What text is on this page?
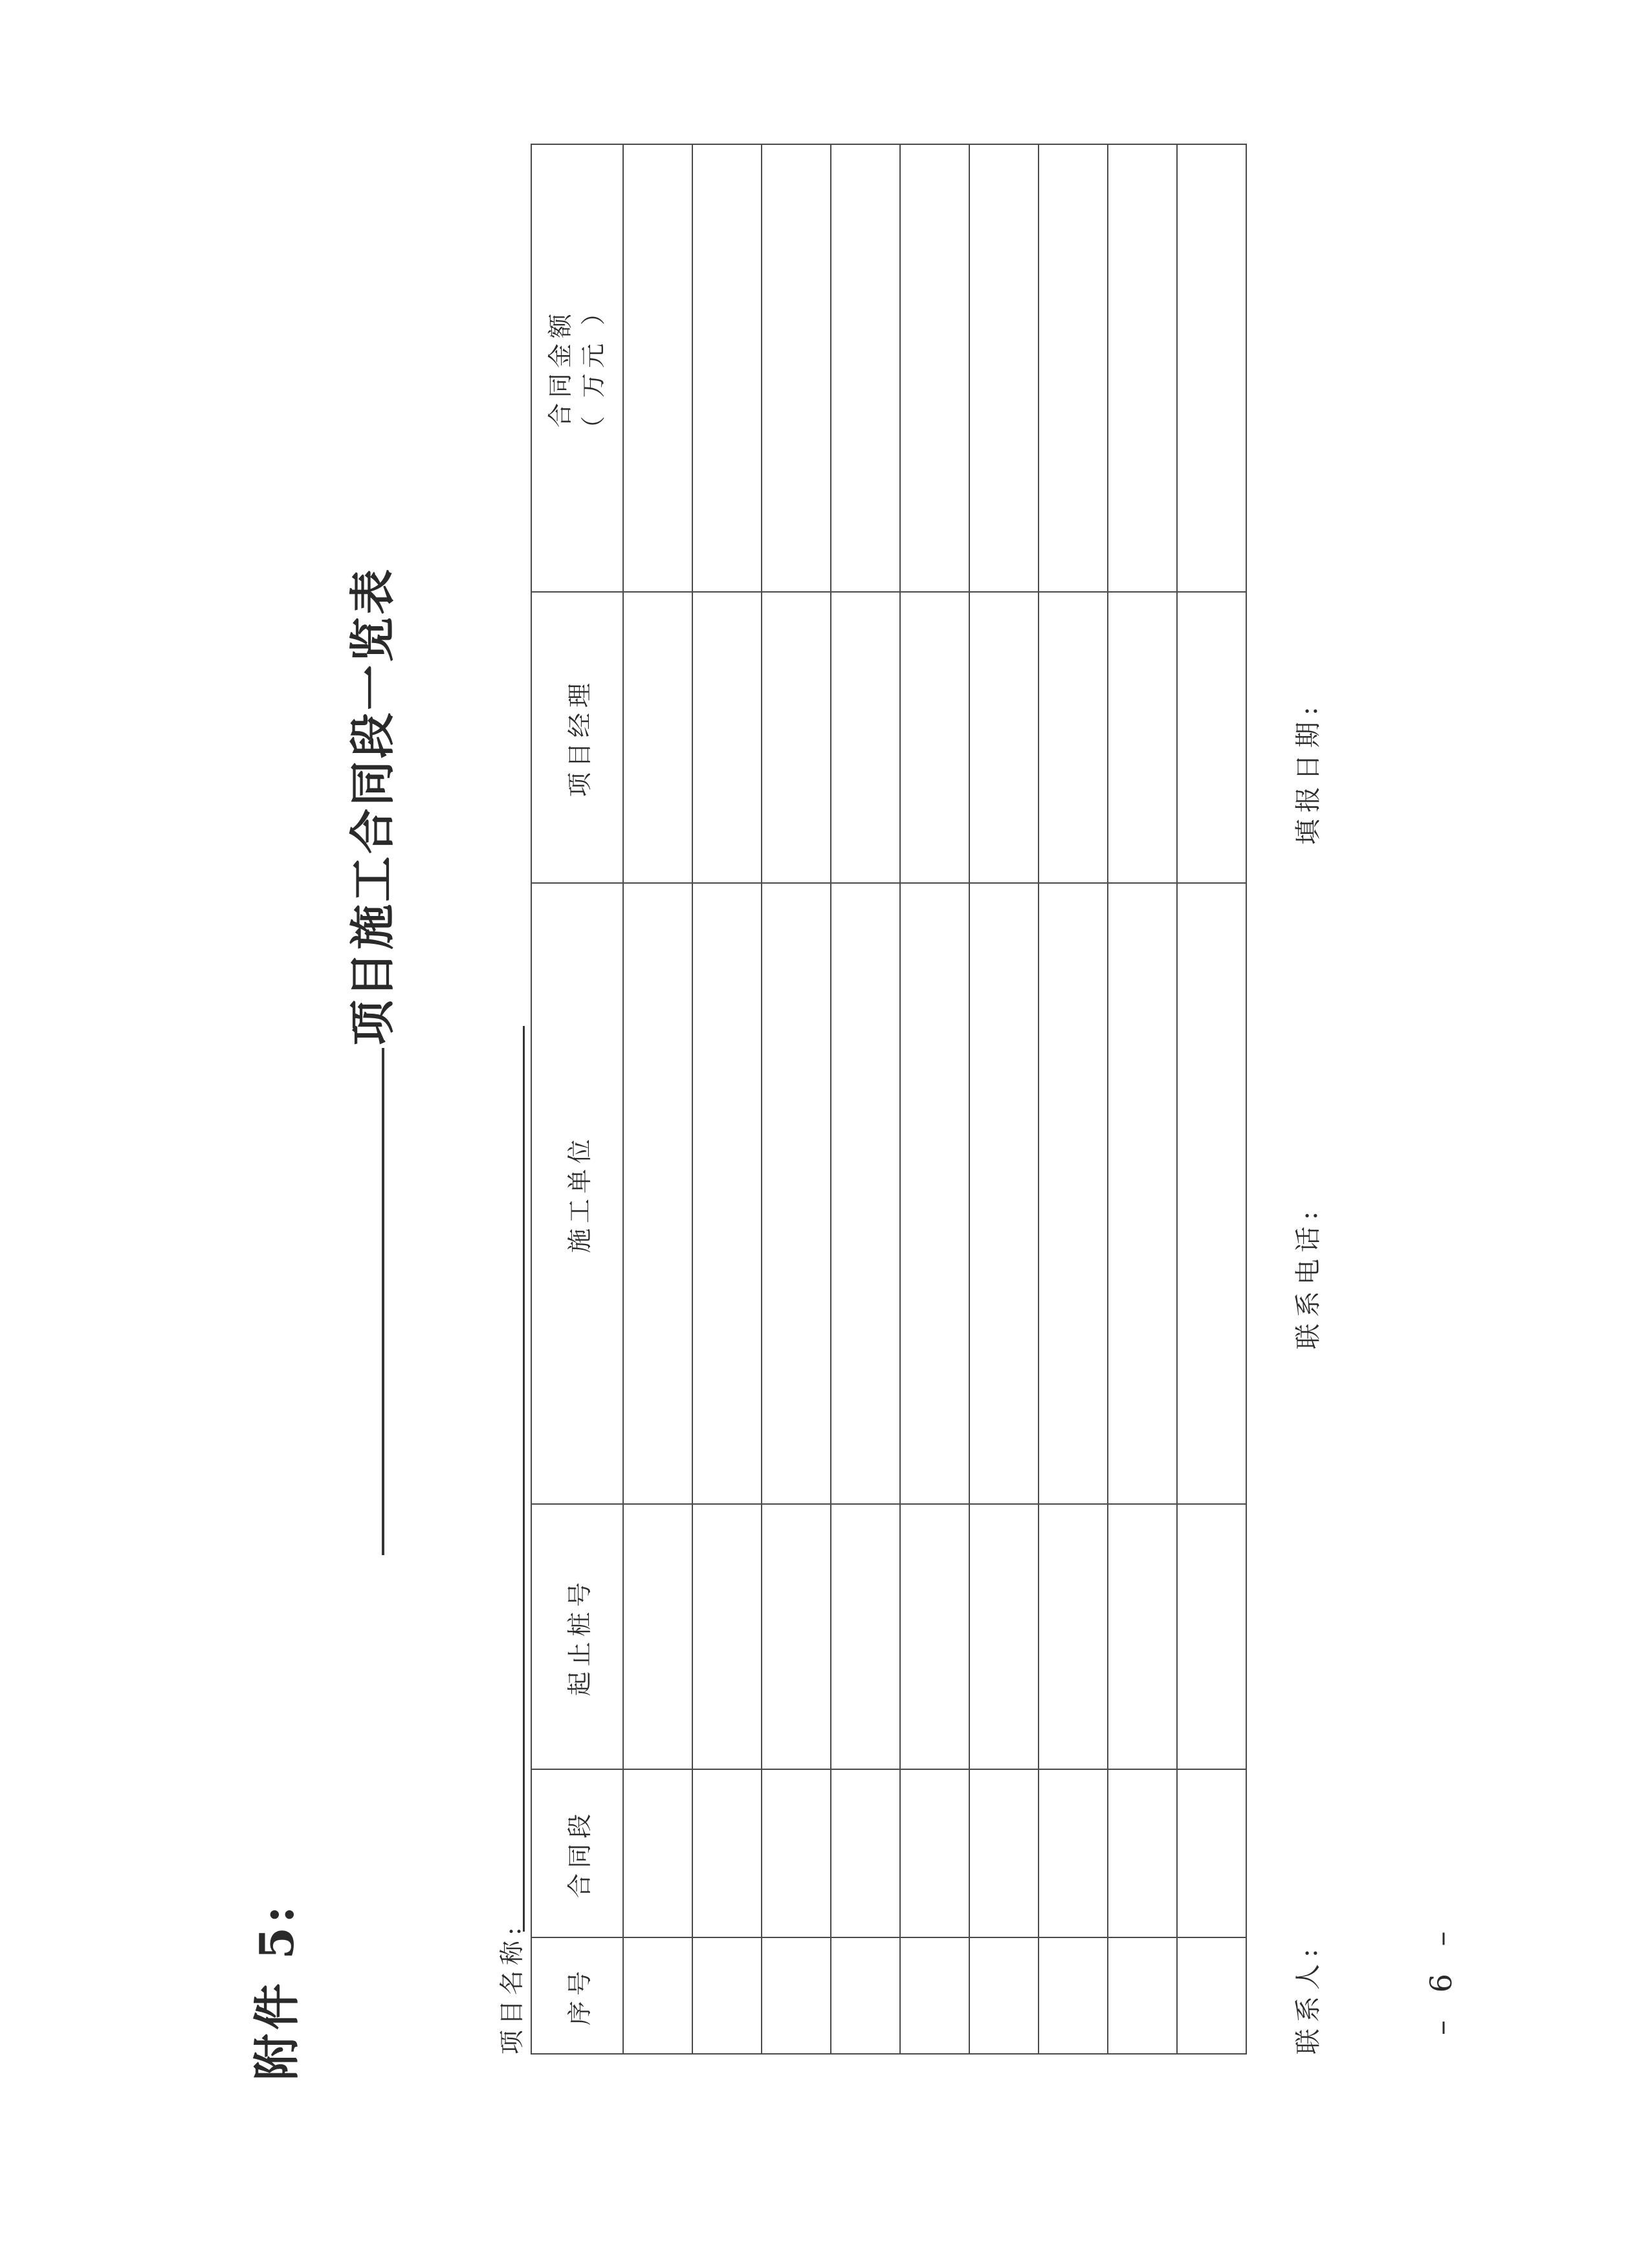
附件 5:
项目施工合同段一览表
项目名称: 序号	合同段	起止桩号	施工单位	项目经理	合同金额 （ 万元 ）

联系人:
联系电话:
填报日期:
– 6 –
